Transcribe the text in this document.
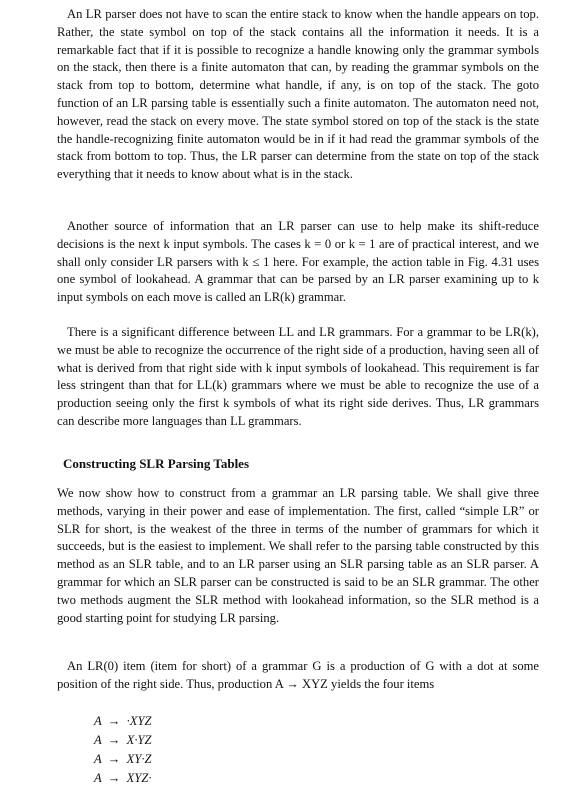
An LR parser does not have to scan the entire stack to know when the handle appears on top. Rather, the state symbol on top of the stack contains all the information it needs. It is a remarkable fact that if it is possible to recognize a handle knowing only the grammar symbols on the stack, then there is a finite automaton that can, by reading the grammar symbols on the stack from top to bottom, determine what handle, if any, is on top of the stack. The goto function of an LR parsing table is essentially such a finite automaton. The automaton need not, however, read the stack on every move. The state symbol stored on top of the stack is the state the handle-recognizing finite automaton would be in if it had read the grammar symbols of the stack from bottom to top. Thus, the LR parser can determine from the state on top of the stack everything that it needs to know about what is in the stack.

Another source of information that an LR parser can use to help make its shift-reduce decisions is the next k input symbols. The cases k = 0 or k = 1 are of practical interest, and we shall only consider LR parsers with k ≤ 1 here. For example, the action table in Fig. 4.31 uses one symbol of lookahead. A grammar that can be parsed by an LR parser examining up to k input symbols on each move is called an LR(k) grammar.

There is a significant difference between LL and LR grammars. For a grammar to be LR(k), we must be able to recognize the occurrence of the right side of a production, having seen all of what is derived from that right side with k input symbols of lookahead. This requirement is far less stringent than that for LL(k) grammars where we must be able to recognize the use of a production seeing only the first k symbols of what its right side derives. Thus, LR grammars can describe more languages than LL grammars.

Constructing SLR Parsing Tables

We now show how to construct from a grammar an LR parsing table. We shall give three methods, varying in their power and ease of implementation. The first, called “simple LR” or SLR for short, is the weakest of the three in terms of the number of grammars for which it succeeds, but is the easiest to implement. We shall refer to the parsing table constructed by this method as an SLR table, and to an LR parser using an SLR parsing table as an SLR parser. A grammar for which an SLR parser can be constructed is said to be an SLR grammar. The other two methods augment the SLR method with lookahead information, so the SLR method is a good starting point for studying LR parsing.

An LR(0) item (item for short) of a grammar G is a production of G with a dot at some position of the right side. Thus, production A → XYZ yields the four items

A  →  ·XYZ
A  →  X·YZ
A  →  XY·Z
A  →  XYZ·
